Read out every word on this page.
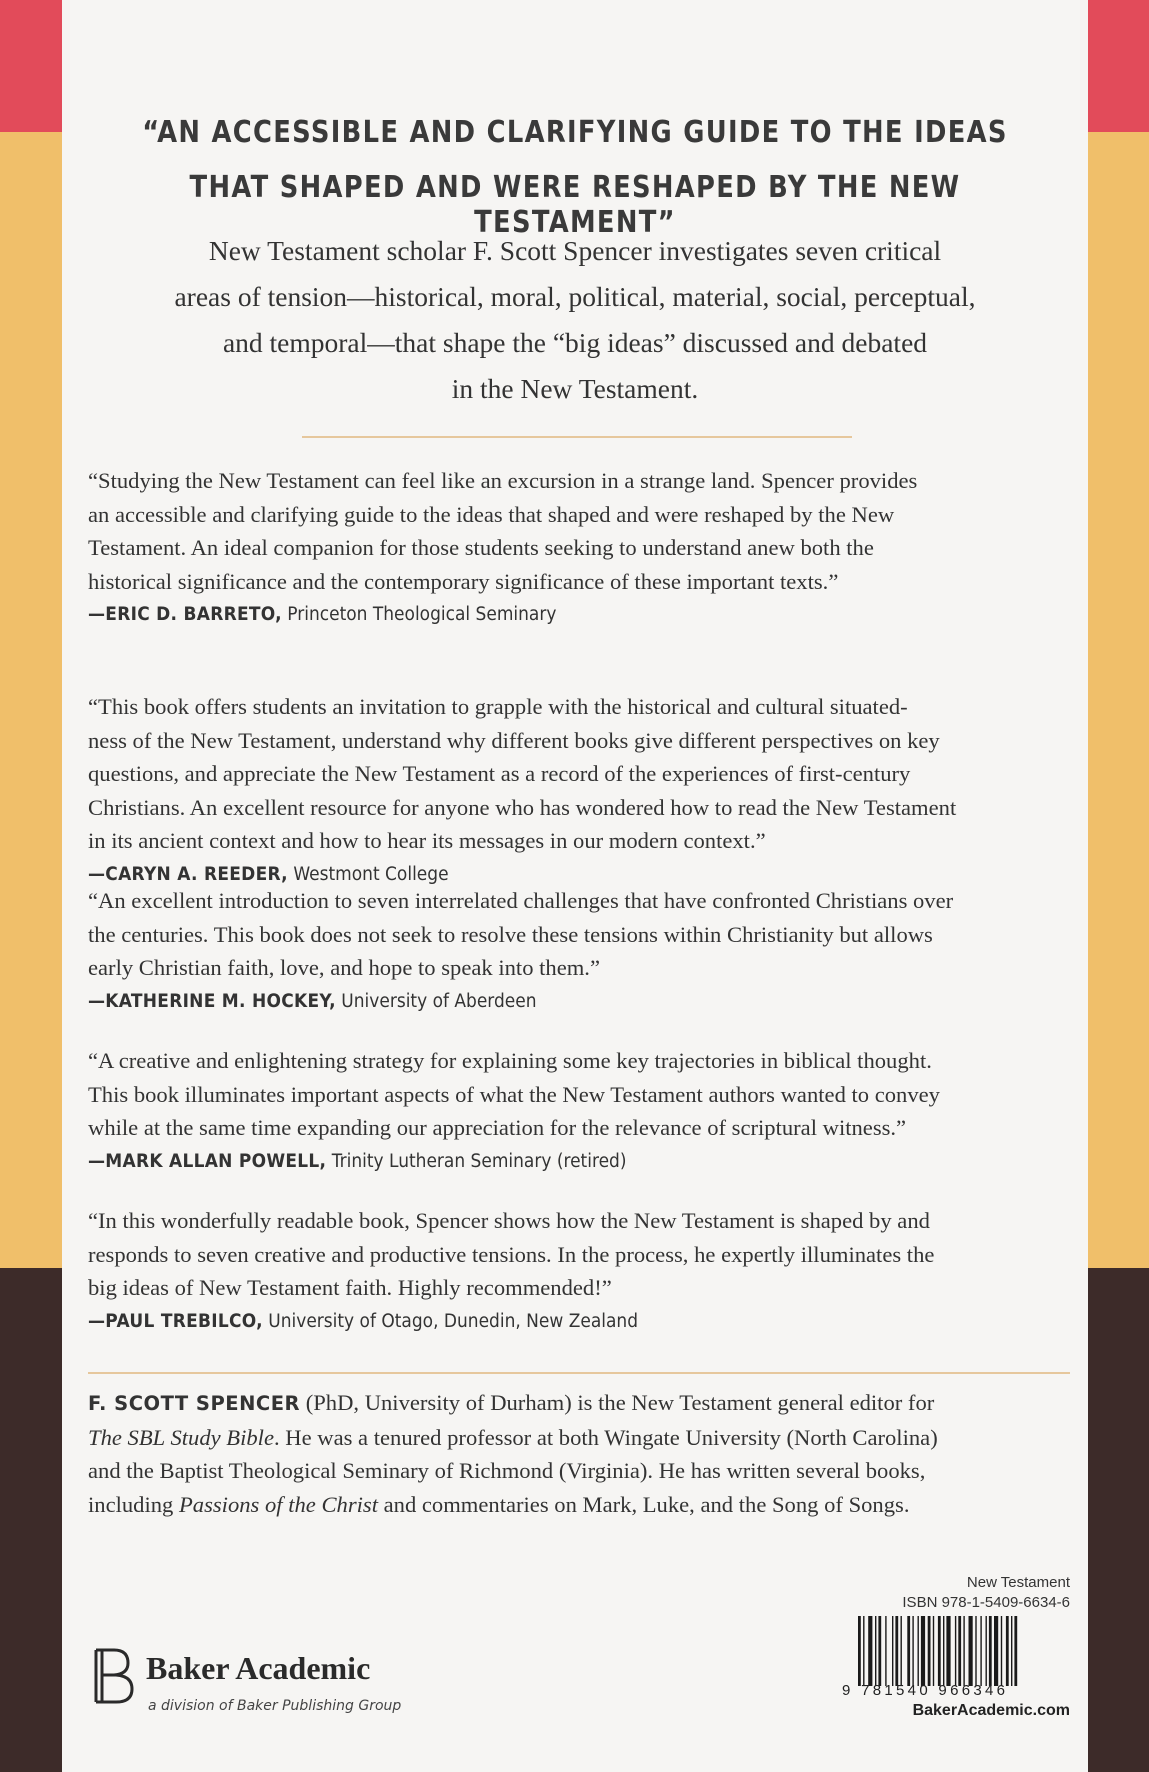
“AN ACCESSIBLE AND CLARIFYING GUIDE TO THE IDEAS
THAT SHAPED AND WERE RESHAPED BY THE NEW TESTAMENT”
New Testament scholar F. Scott Spencer investigates seven critical
areas of tension—historical, moral, political, material, social, perceptual,
and temporal—that shape the “big ideas” discussed and debated
in the New Testament.
“Studying the New Testament can feel like an excursion in a strange land. Spencer provides
an accessible and clarifying guide to the ideas that shaped and were reshaped by the New
Testament. An ideal companion for those students seeking to understand anew both the
historical significance and the contemporary significance of these important texts.”
—ERIC D. BARRETO, Princeton Theological Seminary
“This book offers students an invitation to grapple with the historical and cultural situated-
ness of the New Testament, understand why different books give different perspectives on key
questions, and appreciate the New Testament as a record of the experiences of first-century
Christians. An excellent resource for anyone who has wondered how to read the New Testament
in its ancient context and how to hear its messages in our modern context.”
—CARYN A. REEDER, Westmont College
“An excellent introduction to seven interrelated challenges that have confronted Christians over
the centuries. This book does not seek to resolve these tensions within Christianity but allows
early Christian faith, love, and hope to speak into them.”
—KATHERINE M. HOCKEY, University of Aberdeen
“A creative and enlightening strategy for explaining some key trajectories in biblical thought.
This book illuminates important aspects of what the New Testament authors wanted to convey
while at the same time expanding our appreciation for the relevance of scriptural witness.”
—MARK ALLAN POWELL, Trinity Lutheran Seminary (retired)
“In this wonderfully readable book, Spencer shows how the New Testament is shaped by and
responds to seven creative and productive tensions. In the process, he expertly illuminates the
big ideas of New Testament faith. Highly recommended!”
—PAUL TREBILCO, University of Otago, Dunedin, New Zealand
F. SCOTT SPENCER (PhD, University of Durham) is the New Testament general editor for
The SBL Study Bible. He was a tenured professor at both Wingate University (North Carolina)
and the Baptist Theological Seminary of Richmond (Virginia). He has written several books,
including Passions of the Christ and commentaries on Mark, Luke, and the Song of Songs.
Baker Academic
a division of Baker Publishing Group
New Testament
ISBN 978-1-5409-6634-6
9 781540 966346
BakerAcademic.com
